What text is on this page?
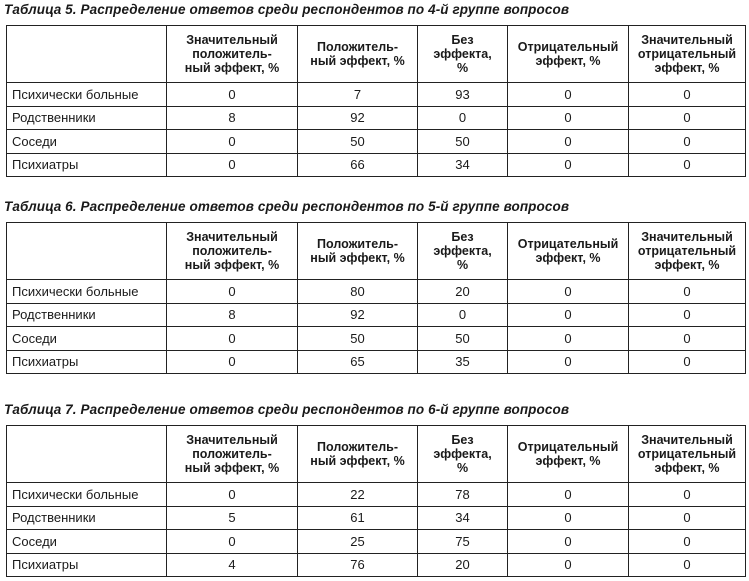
Таблица 5. Распределение ответов среди респондентов по 4-й группе вопросов

	Значительный
положитель-
ный эффект, %	Положитель-
ный эффект, %	Без
эффекта,
%	Отрицательный
эффект, %	Значительный
отрицательный
эффект, %

Психически больные	0	7	93	0	0
Родственники	8	92	0	0	0
Соседи	0	50	50	0	0
Психиатры	0	66	34	0	0
Таблица 6. Распределение ответов среди респондентов по 5-й группе вопросов

	Значительный
положитель-
ный эффект, %	Положитель-
ный эффект, %	Без
эффекта,
%	Отрицательный
эффект, %	Значительный
отрицательный
эффект, %

Психически больные	0	80	20	0	0
Родственники	8	92	0	0	0
Соседи	0	50	50	0	0
Психиатры	0	65	35	0	0
Таблица 7. Распределение ответов среди респондентов по 6-й группе вопросов

	Значительный
положитель-
ный эффект, %	Положитель-
ный эффект, %	Без
эффекта,
%	Отрицательный
эффект, %	Значительный
отрицательный
эффект, %

Психически больные	0	22	78	0	0
Родственники	5	61	34	0	0
Соседи	0	25	75	0	0
Психиатры	4	76	20	0	0
